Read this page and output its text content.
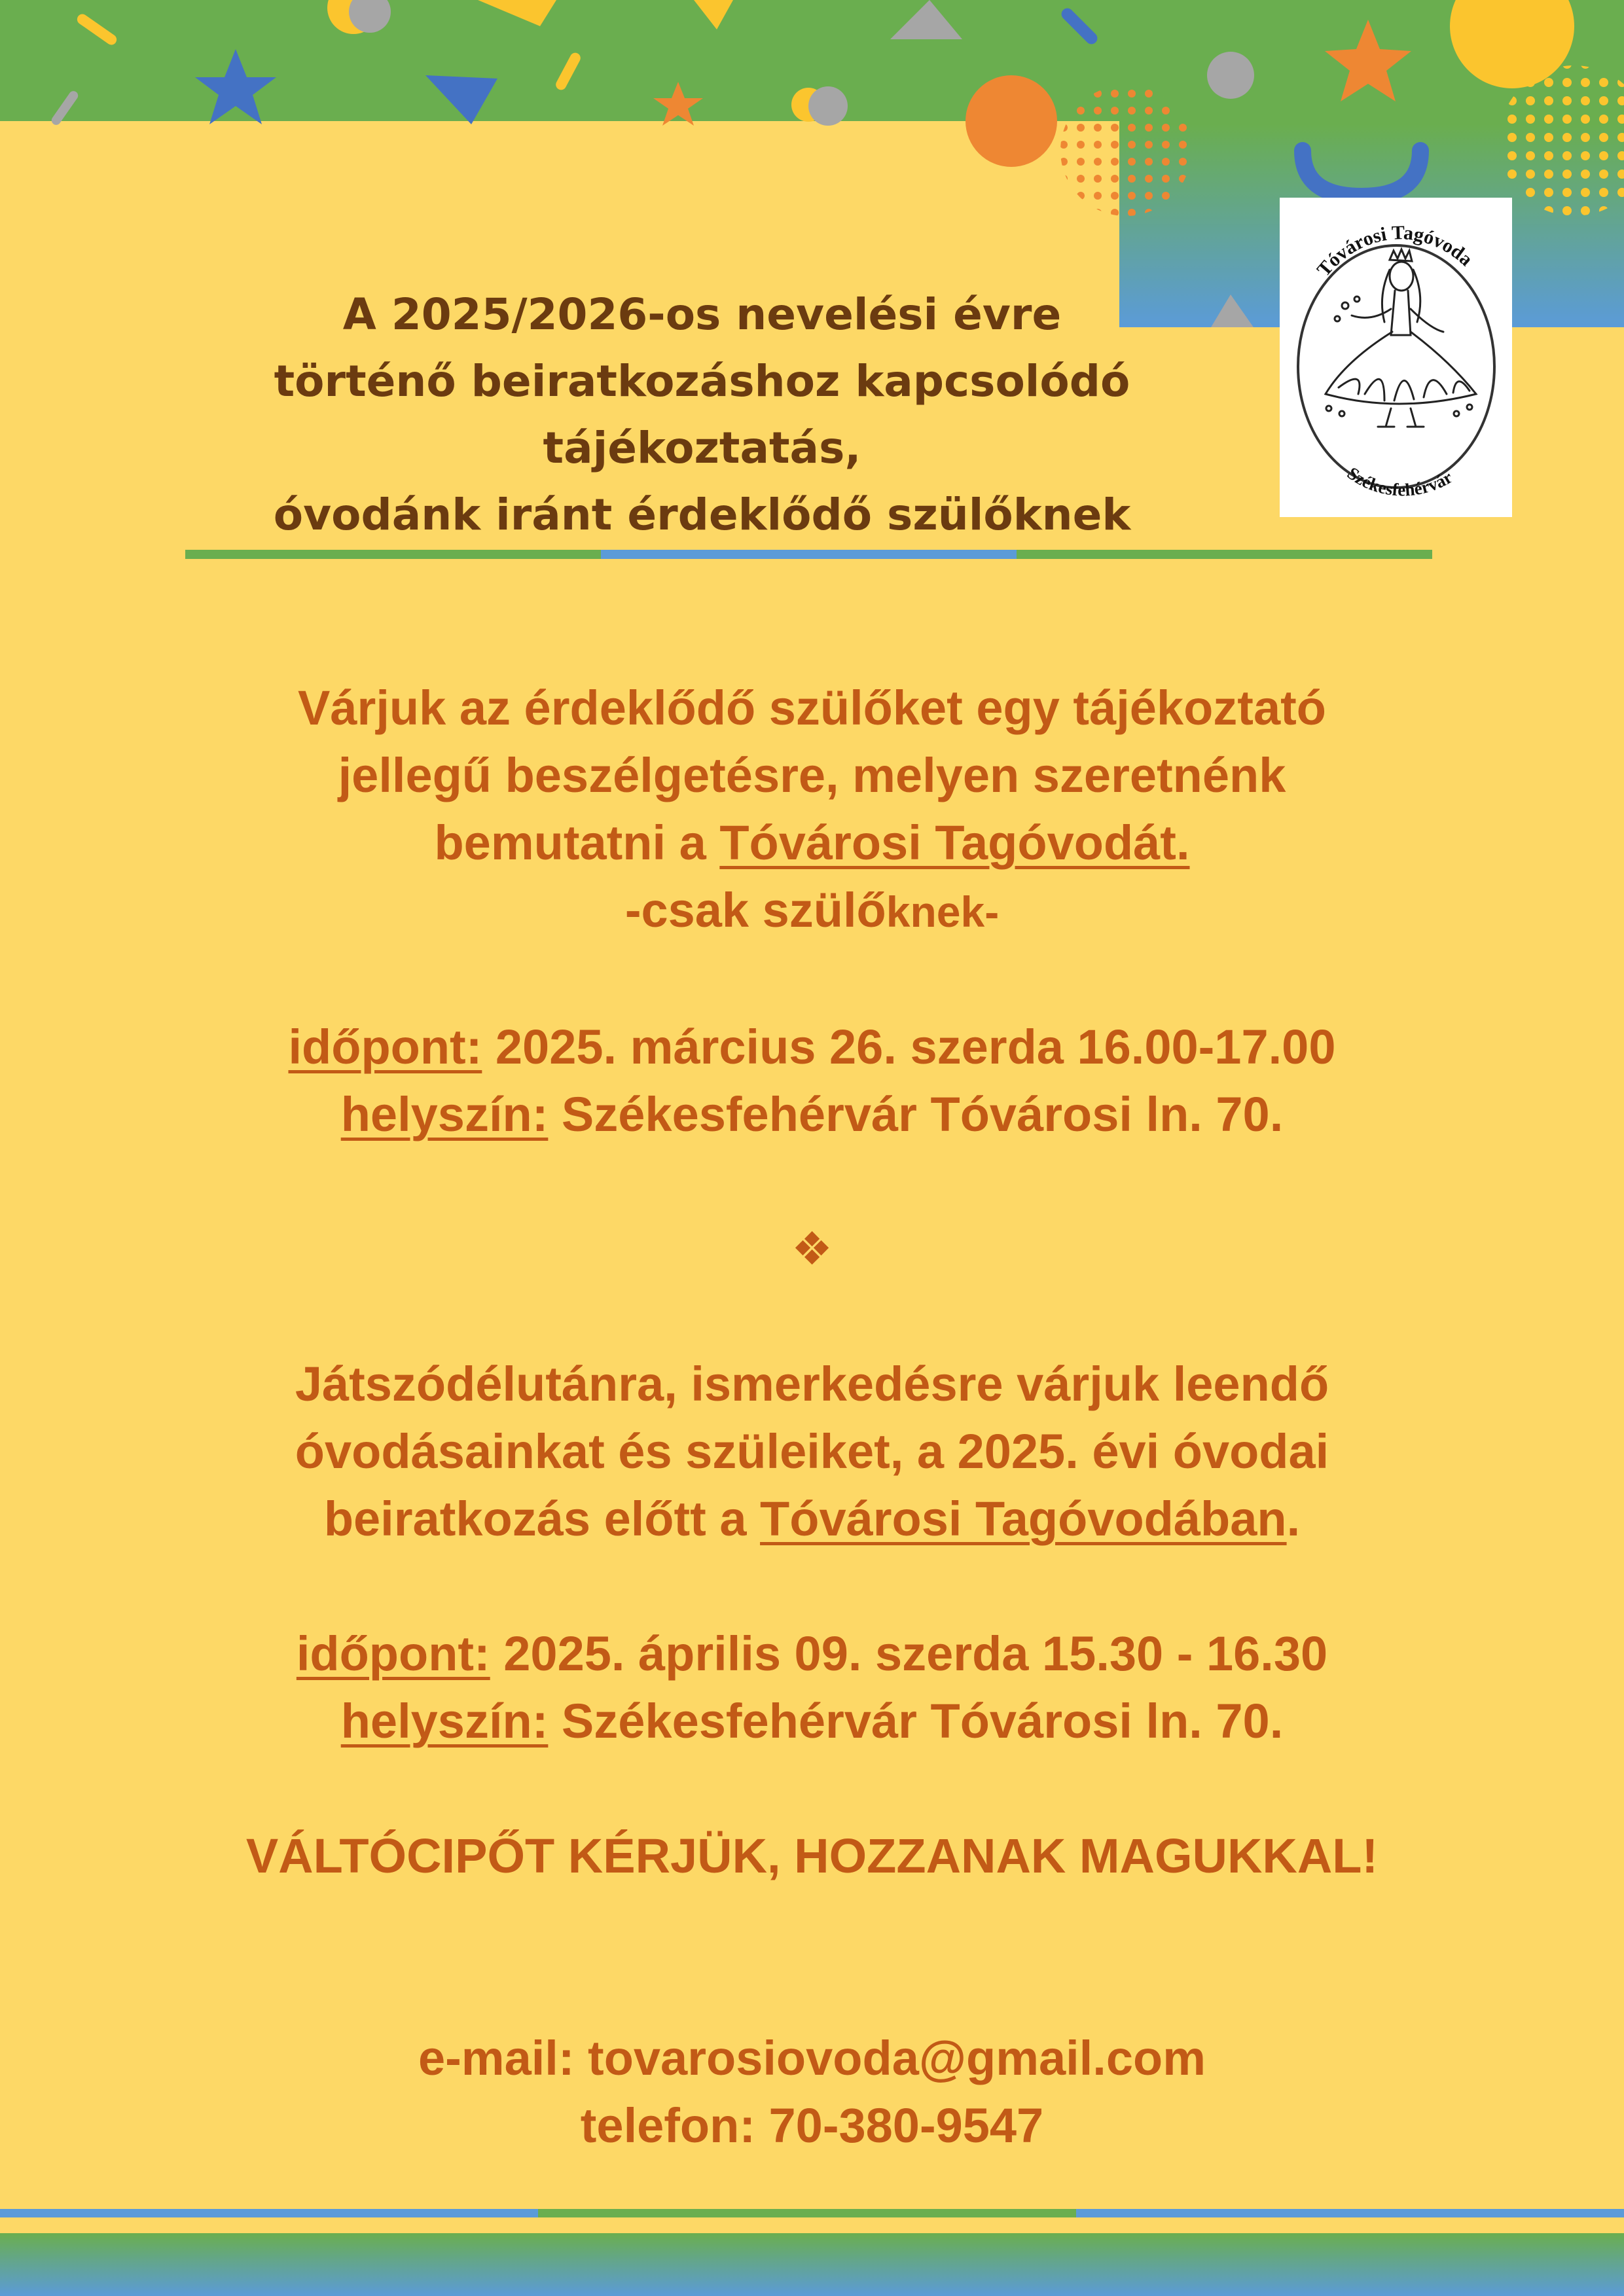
Tóvárosi Tagóvoda
Székesfehérvár
A 2025/2026-os nevelési évre
történő beiratkozáshoz kapcsolódó
tájékoztatás,
óvodánk iránt érdeklődő szülőknek

Várjuk az érdeklődő szülőket egy tájékoztató

jellegű beszélgetésre, melyen szeretnénk

bemutatni a Tóvárosi Tagóvodát.

-csak szülőknek-

időpont: 2025. március 26. szerda 16.00-17.00

helyszín: Székesfehérvár Tóvárosi ln. 70.

❖

Játszódélutánra, ismerkedésre várjuk leendő

óvodásainkat és szüleiket, a 2025. évi óvodai

beiratkozás előtt a Tóvárosi Tagóvodában.

időpont: 2025. április 09. szerda 15.30 - 16.30

helyszín: Székesfehérvár Tóvárosi ln. 70.

VÁLTÓCIPŐT KÉRJÜK, HOZZANAK MAGUKKAL!

e-mail: tovarosiovoda@gmail.com

telefon: 70-380-9547
